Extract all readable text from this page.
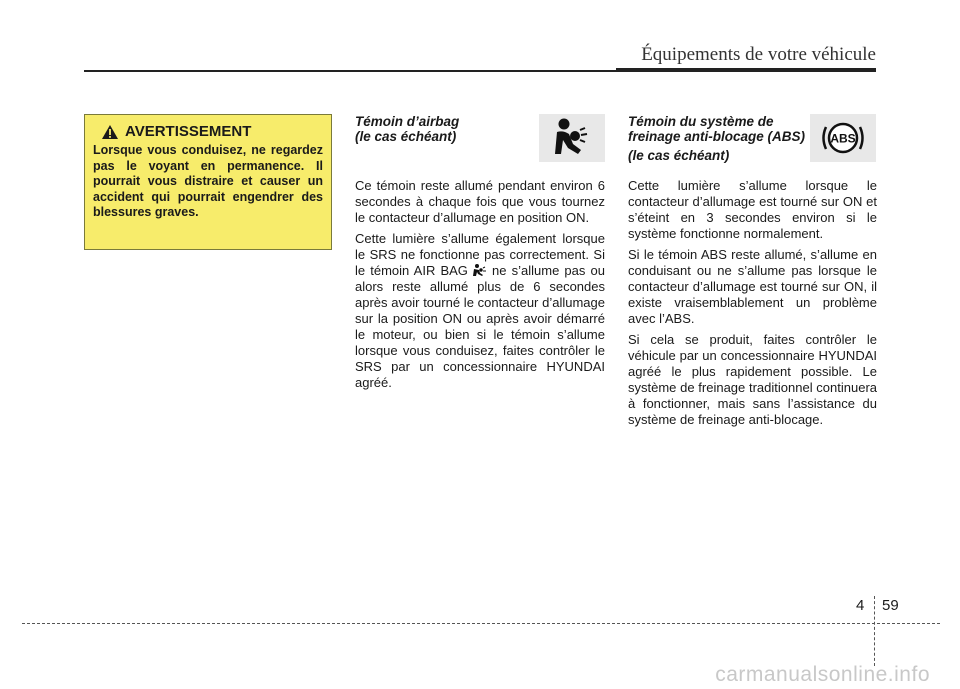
Équipements de votre véhicule
AVERTISSEMENT
Lorsque vous conduisez, ne regardez pas le voyant en permanence. Il pourrait vous distraire et causer un accident qui pourrait engendrer des blessures graves.
Témoin d’airbag
(le cas échéant)

Ce témoin reste allumé pendant environ 6 secondes à chaque fois que vous tournez le contacteur d’allumage en position ON.

Cette lumière s’allume également lorsque le SRS ne fonctionne pas correctement. Si le témoin AIR BAG ne s’allume pas ou alors reste allumé plus de 6 secondes après avoir tourné le contacteur d’allumage sur la position ON ou après avoir démarré le moteur, ou bien si le témoin s’allume lorsque vous conduisez, faites contrôler le SRS par un concessionnaire HYUNDAI agréé.

Témoin du système de
freinage anti-blocage (ABS)
(le cas échéant)
ABS

Cette lumière s’allume lorsque le contacteur d’allumage est tourné sur ON et s’éteint en 3 secondes environ si le système fonctionne normalement.

Si le témoin ABS reste allumé, s’allume en conduisant ou ne s’allume pas lorsque le contacteur d’allumage est tourné sur ON, il existe vraisemblablement un problème avec l’ABS.

Si cela se produit, faites contrôler le véhicule par un concessionnaire HYUNDAI agréé le plus rapidement possible. Le système de freinage traditionnel continuera à fonctionner, mais sans l’assistance du système de freinage anti-blocage.

4 59
carmanualsonline.info
